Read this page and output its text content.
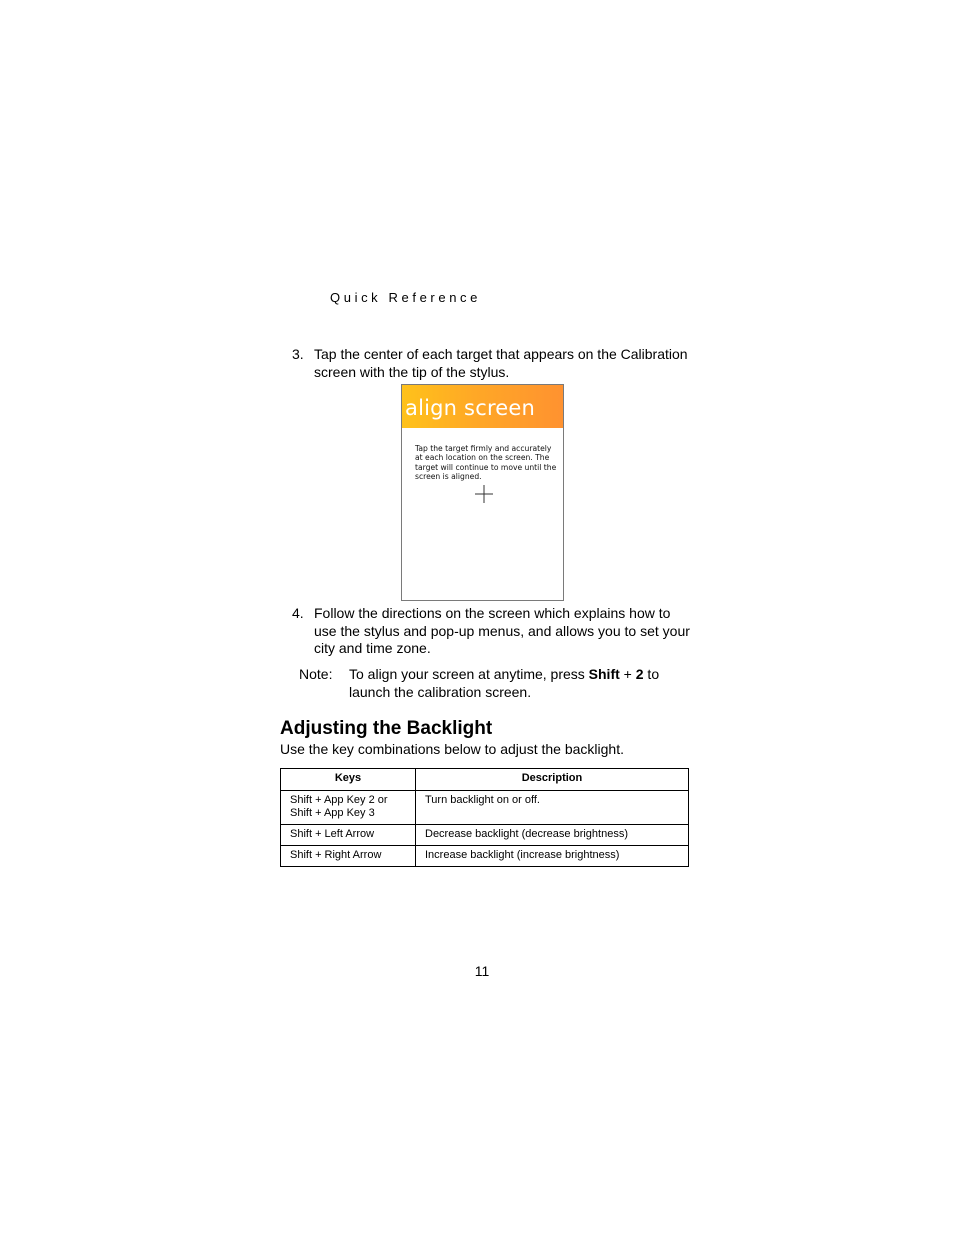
Q u i c k   R e f e r e n c e
3. Tap the center of each target that appears on the Calibration screen with the tip of the stylus.
align screen
Tap the target firmly and accurately at each location on the screen. The target will continue to move until the screen is aligned.
4. Follow the directions on the screen which explains how to use the stylus and pop-up menus, and allows you to set your city and time zone.
Note: To align your screen at anytime, press Shift + 2 to launch the calibration screen.
Adjusting the Backlight
Use the key combinations below to adjust the backlight.
Keys	Description

Shift + App Key 2 or
Shift + App Key 3	Turn backlight on or off.
Shift + Left Arrow	Decrease backlight (decrease brightness)
Shift + Right Arrow	Increase backlight (increase brightness)
11
